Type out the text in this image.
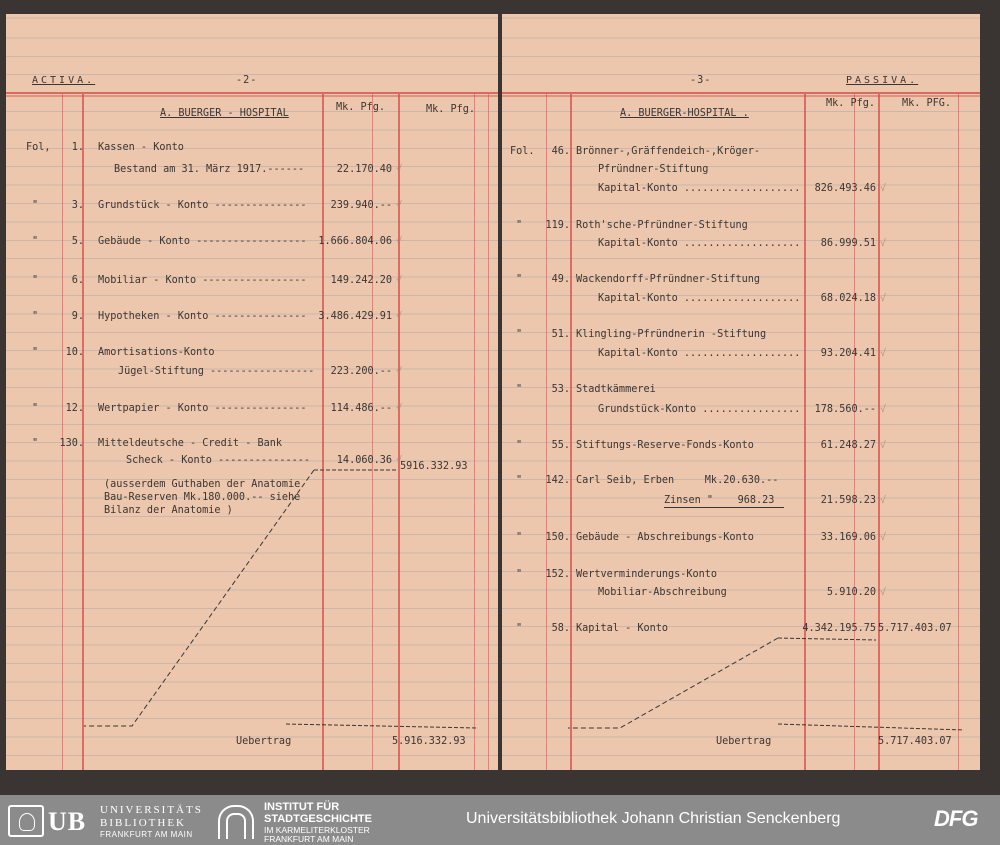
ACTIVA.	-2-
Mk. Pfg.	Mk. Pfg.
A. BUERGER - HOSPITAL
Fol,	1. Kassen - Konto
Bestand am 31. März 1917.------	22.170.40
"	3. Grundstück - Konto ---------------	239.940.--
"	5. Gebäude - Konto ------------------	1.666.804.06
"	6. Mobiliar - Konto -----------------	149.242.20
"	9. Hypotheken - Konto ---------------	3.486.429.91
"	10. Amortisations-Konto
Jügel-Stiftung -----------------	223.200.--
"	12. Wertpapier - Konto ---------------	114.486.--
"	130. Mitteldeutsche - Credit - Bank
Scheck - Konto ---------------	14.060.36
5916.332.93
(ausserdem Guthaben der Anatomie
Bau-Reserven Mk.180.000.-- siehe
Bilanz der Anatomie )
Uebertrag	5.916.332.93
√
√
√
√
√
√
√
√
-3-	PASSIVA.
Mk. Pfg.	Mk. PFG.
A. BUERGER-HOSPITAL .
Fol.	46. Brönner-,Gräffendeich-,Kröger-
Pfründner-Stiftung
Kapital-Konto ...................	826.493.46
"	119. Roth'sche-Pfründner-Stiftung
Kapital-Konto ...................	86.999.51
"	49. Wackendorff-Pfründner-Stiftung
Kapital-Konto ...................	68.024.18
"	51. Klingling-Pfründnerin -Stiftung
Kapital-Konto ...................	93.204.41
"	53. Stadtkämmerei
Grundstück-Konto ................	178.560.--
"	55. Stiftungs-Reserve-Fonds-Konto	61.248.27
"	142. Carl Seib, Erben     Mk.20.630.--
Zinsen "    968.23	21.598.23
"	150. Gebäude - Abschreibungs-Konto	33.169.06
"	152. Wertverminderungs-Konto
Mobiliar-Abschreibung	5.910.20
"	58. Kapital - Konto	4.342.195.75 5.717.403.07
Uebertrag	5.717.403.07
√
√
√
√
√
√
√
√
√
UB UNIVERSITÄTS
BIBLIOTHEK
FRANKFURT AM MAIN
INSTITUT FÜR
STADTGESCHICHTE
IM KARMELITERKLOSTER
FRANKFURT AM MAIN
Universitätsbibliothek Johann Christian Senckenberg	DFG
